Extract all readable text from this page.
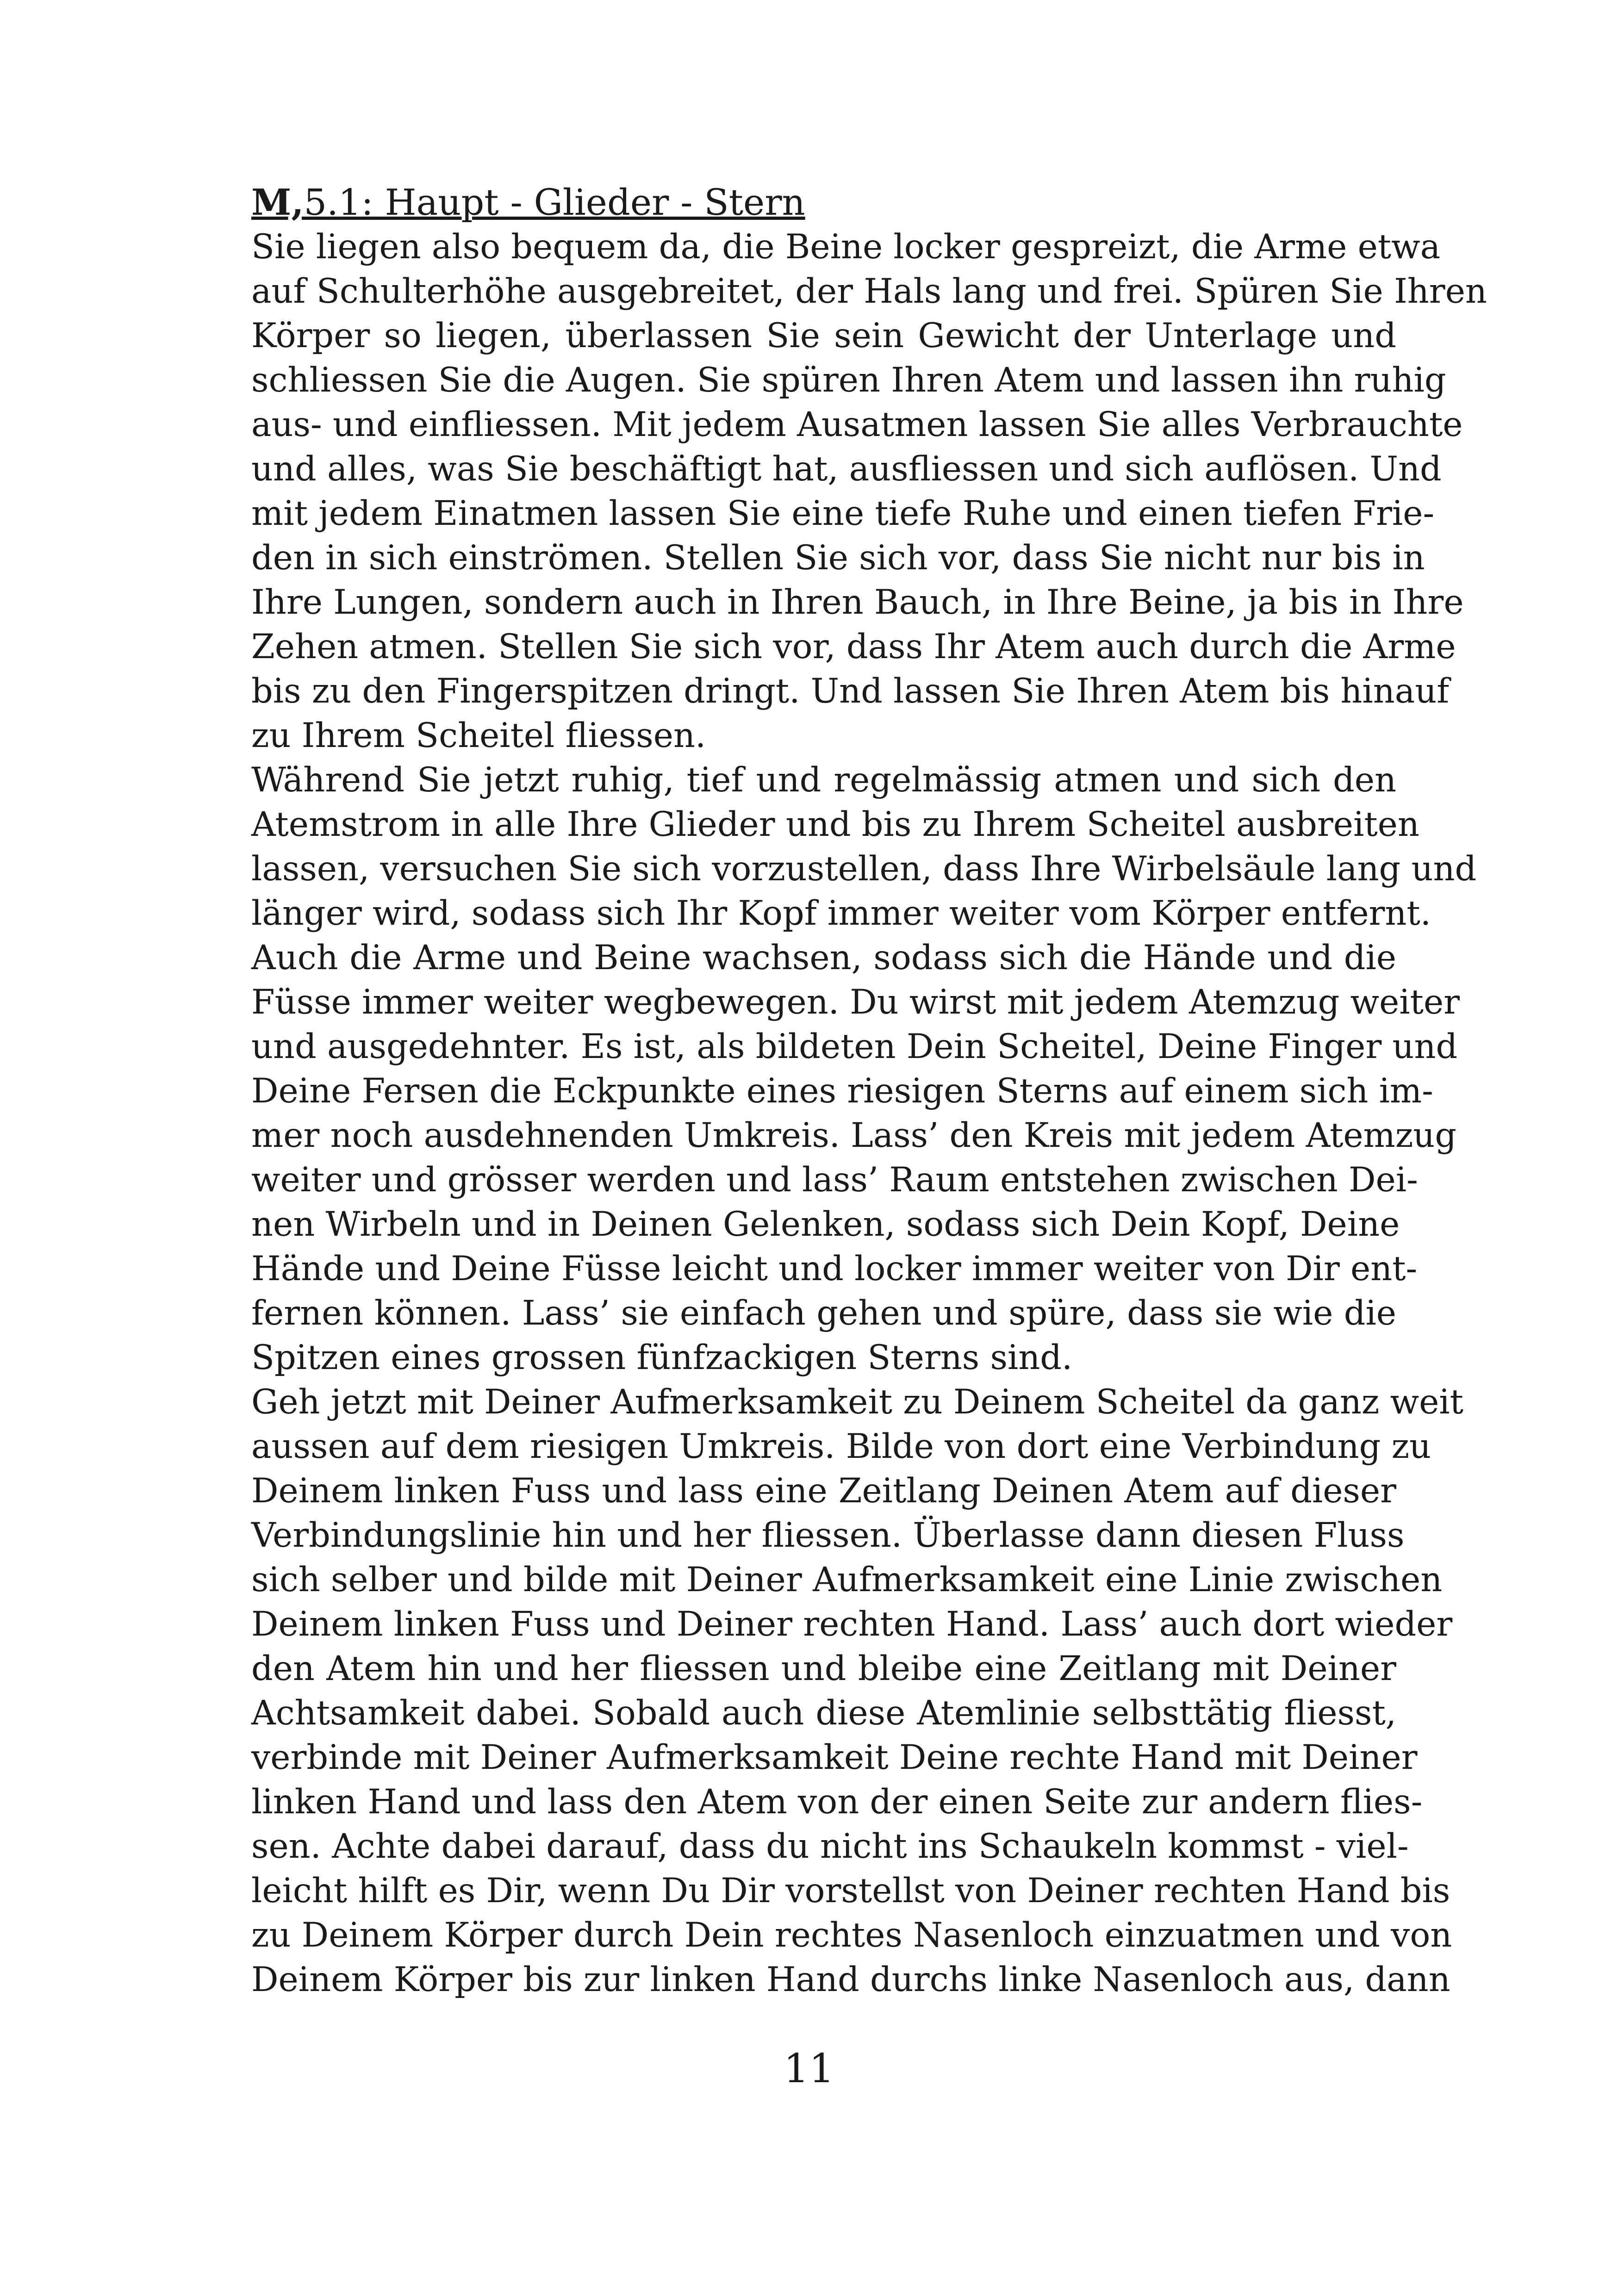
M,5.1: Haupt - Glieder - Stern
Sie liegen also bequem da, die Beine locker gespreizt, die Arme etwa
auf Schulterhöhe ausgebreitet, der Hals lang und frei. Spüren Sie Ihren
Körper so liegen, überlassen Sie sein Gewicht der Unterlage und
schliessen Sie die Augen. Sie spüren Ihren Atem und lassen ihn ruhig
aus- und einfliessen. Mit jedem Ausatmen lassen Sie alles Verbrauchte
und alles, was Sie beschäftigt hat, ausfliessen und sich auflösen. Und
mit jedem Einatmen lassen Sie eine tiefe Ruhe und einen tiefen Frie-
den in sich einströmen. Stellen Sie sich vor, dass Sie nicht nur bis in
Ihre Lungen, sondern auch in Ihren Bauch, in Ihre Beine, ja bis in Ihre
Zehen atmen. Stellen Sie sich vor, dass Ihr Atem auch durch die Arme
bis zu den Fingerspitzen dringt. Und lassen Sie Ihren Atem bis hinauf
zu Ihrem Scheitel fliessen.
Während Sie jetzt ruhig, tief und regelmässig atmen und sich den
Atemstrom in alle Ihre Glieder und bis zu Ihrem Scheitel ausbreiten
lassen, versuchen Sie sich vorzustellen, dass Ihre Wirbelsäule lang und
länger wird, sodass sich Ihr Kopf immer weiter vom Körper entfernt.
Auch die Arme und Beine wachsen, sodass sich die Hände und die
Füsse immer weiter wegbewegen. Du wirst mit jedem Atemzug weiter
und ausgedehnter. Es ist, als bildeten Dein Scheitel, Deine Finger und
Deine Fersen die Eckpunkte eines riesigen Sterns auf einem sich im-
mer noch ausdehnenden Umkreis. Lass’ den Kreis mit jedem Atemzug
weiter und grösser werden und lass’ Raum entstehen zwischen Dei-
nen Wirbeln und in Deinen Gelenken, sodass sich Dein Kopf, Deine
Hände und Deine Füsse leicht und locker immer weiter von Dir ent-
fernen können. Lass’ sie einfach gehen und spüre, dass sie wie die
Spitzen eines grossen fünfzackigen Sterns sind.
Geh jetzt mit Deiner Aufmerksamkeit zu Deinem Scheitel da ganz weit
aussen auf dem riesigen Umkreis. Bilde von dort eine Verbindung zu
Deinem linken Fuss und lass eine Zeitlang Deinen Atem auf dieser
Verbindungslinie hin und her fliessen. Überlasse dann diesen Fluss
sich selber und bilde mit Deiner Aufmerksamkeit eine Linie zwischen
Deinem linken Fuss und Deiner rechten Hand. Lass’ auch dort wieder
den Atem hin und her fliessen und bleibe eine Zeitlang mit Deiner
Achtsamkeit dabei. Sobald auch diese Atemlinie selbsttätig fliesst,
verbinde mit Deiner Aufmerksamkeit Deine rechte Hand mit Deiner
linken Hand und lass den Atem von der einen Seite zur andern flies-
sen. Achte dabei darauf, dass du nicht ins Schaukeln kommst - viel-
leicht hilft es Dir, wenn Du Dir vorstellst von Deiner rechten Hand bis
zu Deinem Körper durch Dein rechtes Nasenloch einzuatmen und von
Deinem Körper bis zur linken Hand durchs linke Nasenloch aus, dann
11
